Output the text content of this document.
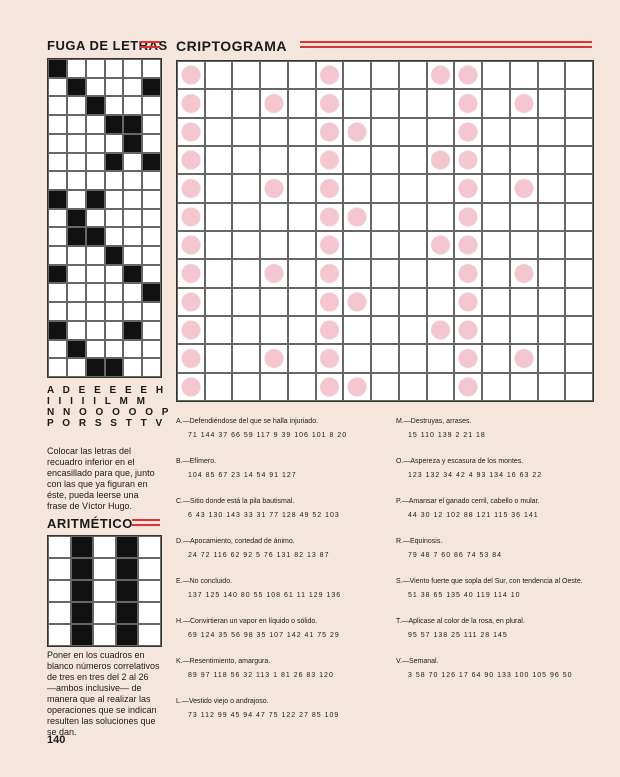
FUGA DE LETRAS CRIPTOGRAMA
A D E E E E E H
I I I I I L M M
N N O O O O O P
P O R S S T T V
Colocar las letras del recuadro inferior en el encasillado para que, junto con las que ya figuran en éste, pueda leerse una frase de Víctor Hugo.
ARITMÉTICO
Poner en los cuadros en blanco números correlativos de tres en tres del 2 al 26 —ambos inclusive— de manera que al realizar las operaciones que se indican resulten las soluciones que se dan.
A.—Defendiéndose del que se halla injuriado.
71 144 37 66 59 117 9 39 106 101 8 20
B.—Efímero.
104 85 67 23 14 54 91 127
C.—Sitio donde está la pila bautismal.
6 43 130 143 33 31 77 128 49 52 103
D.—Apocamiento, cortedad de ánimo.
24 72 116 62 92 5 76 131 82 13 87
E.—No concluido.
137 125 140 80 55 108 61 11 129 136
H.—Convirtieran un vapor en líquido o sólido.
69 124 35 56 98 35 107 142 41 75 29
K.—Resentimiento, amargura.
89 97 118 56 32 113 1 81 26 83 120
L.—Vestido viejo o andrajoso.
73 112 99 45 94 47 75 122 27 85 109
M.—Destruyas, arrases.
15 110 139 2 21 18
O.—Aspereza y escasura de los montes.
123 132 34 42 4 93 134 16 63 22
P.—Amansar el ganado cerril, cabello o mular.
44 30 12 102 88 121 115 36 141
R.—Equinosis.
79 48 7 60 86 74 53 84
S.—Viento fuerte que sopla del Sur, con tendencia al Oeste.
51 38 65 135 40 119 114 10
T.—Aplicase al color de la rosa, en plural.
95 57 138 25 111 28 145
V.—Semanal.
3 58 70 126 17 64 90 133 100 105 96 50
140
